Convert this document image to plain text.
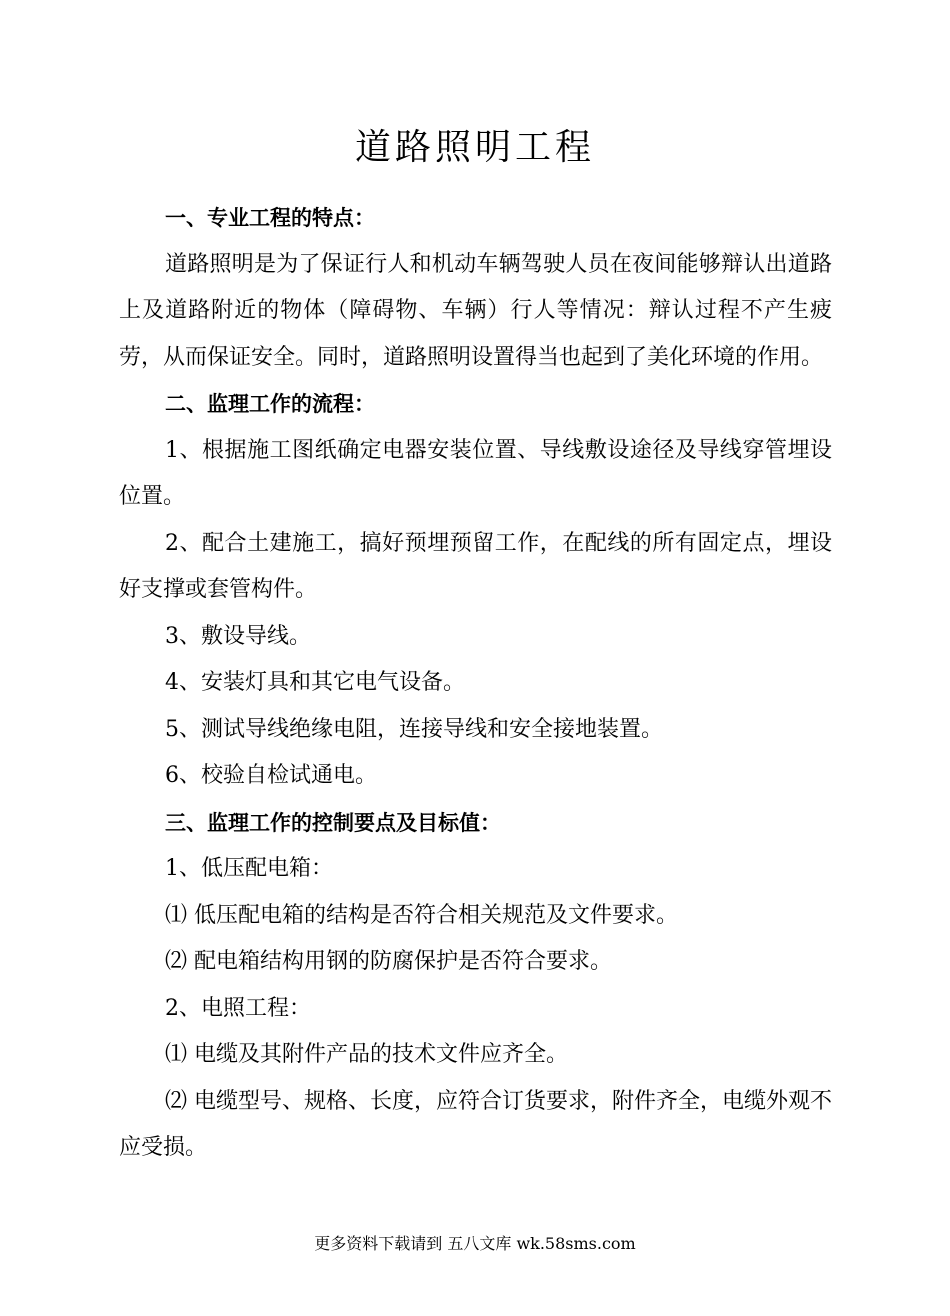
道路照明工程

一、专业工程的特点：

道路照明是为了保证行人和机动车辆驾驶人员在夜间能够辩认出道路上及道路附近的物体（障碍物、车辆）行人等情况：辩认过程不产生疲劳，从而保证安全。同时，道路照明设置得当也起到了美化环境的作用。

二、监理工作的流程：

1、根据施工图纸确定电器安装位置、导线敷设途径及导线穿管埋设位置。

2、配合土建施工，搞好预埋预留工作，在配线的所有固定点，埋设好支撑或套管构件。

3、敷设导线。

4、安装灯具和其它电气设备。

5、测试导线绝缘电阻，连接导线和安全接地装置。

6、校验自检试通电。

三、监理工作的控制要点及目标值：

1、低压配电箱：

⑴ 低压配电箱的结构是否符合相关规范及文件要求。

⑵ 配电箱结构用钢的防腐保护是否符合要求。

2、电照工程：

⑴ 电缆及其附件产品的技术文件应齐全。

⑵ 电缆型号、规格、长度，应符合订货要求，附件齐全，电缆外观不应受损。

更多资料下载请到 五八文库 wk.58sms.com
